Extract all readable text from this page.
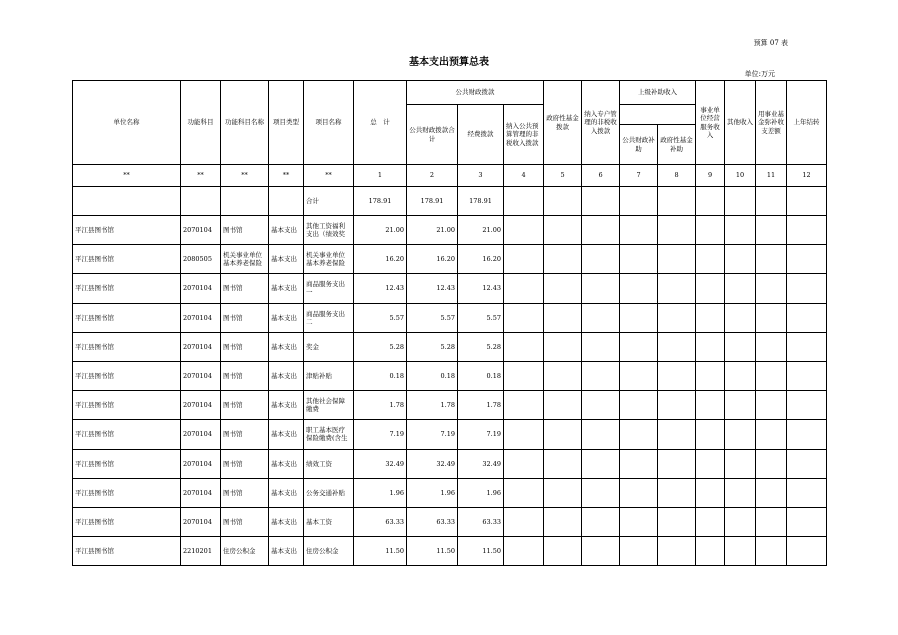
预算 07 表
基本支出预算总表
单位:万元
单位名称	功能科目	功能科目名称	项目类型	项目名称	总　计	公共财政拨款			政府性基金拨款	纳入专户管理的非税收入拨款	上级补助收入		事业单位经营服务收入	其他收入	用事业基金弥补收支差额	上年结转
						公共财政拨款合计	经费拨款	纳入公共预算管理的非税收入拨款								
											公共财政补助	政府性基金补助				
**	**	**	**	**	1	2	3	4	5	6	7	8	9	10	11	12
				合计	178.91	178.91	178.91									
平江县图书馆	2070104	图书馆	基本支出	其他工资福利支出（绩效奖	21.00	21.00	21.00									
平江县图书馆	2080505	机关事业单位基本养老保险	基本支出	机关事业单位基本养老保险	16.20	16.20	16.20									
平江县图书馆	2070104	图书馆	基本支出	商品服务支出一	12.43	12.43	12.43									
平江县图书馆	2070104	图书馆	基本支出	商品服务支出二	5.57	5.57	5.57									
平江县图书馆	2070104	图书馆	基本支出	奖金	5.28	5.28	5.28									
平江县图书馆	2070104	图书馆	基本支出	津贴补贴	0.18	0.18	0.18									
平江县图书馆	2070104	图书馆	基本支出	其他社会保障缴费	1.78	1.78	1.78									
平江县图书馆	2070104	图书馆	基本支出	职工基本医疗保险缴费(含生	7.19	7.19	7.19									
平江县图书馆	2070104	图书馆	基本支出	绩效工资	32.49	32.49	32.49									
平江县图书馆	2070104	图书馆	基本支出	公务交通补贴	1.96	1.96	1.96									
平江县图书馆	2070104	图书馆	基本支出	基本工资	63.33	63.33	63.33									
平江县图书馆	2210201	住房公积金	基本支出	住房公积金	11.50	11.50	11.50									
